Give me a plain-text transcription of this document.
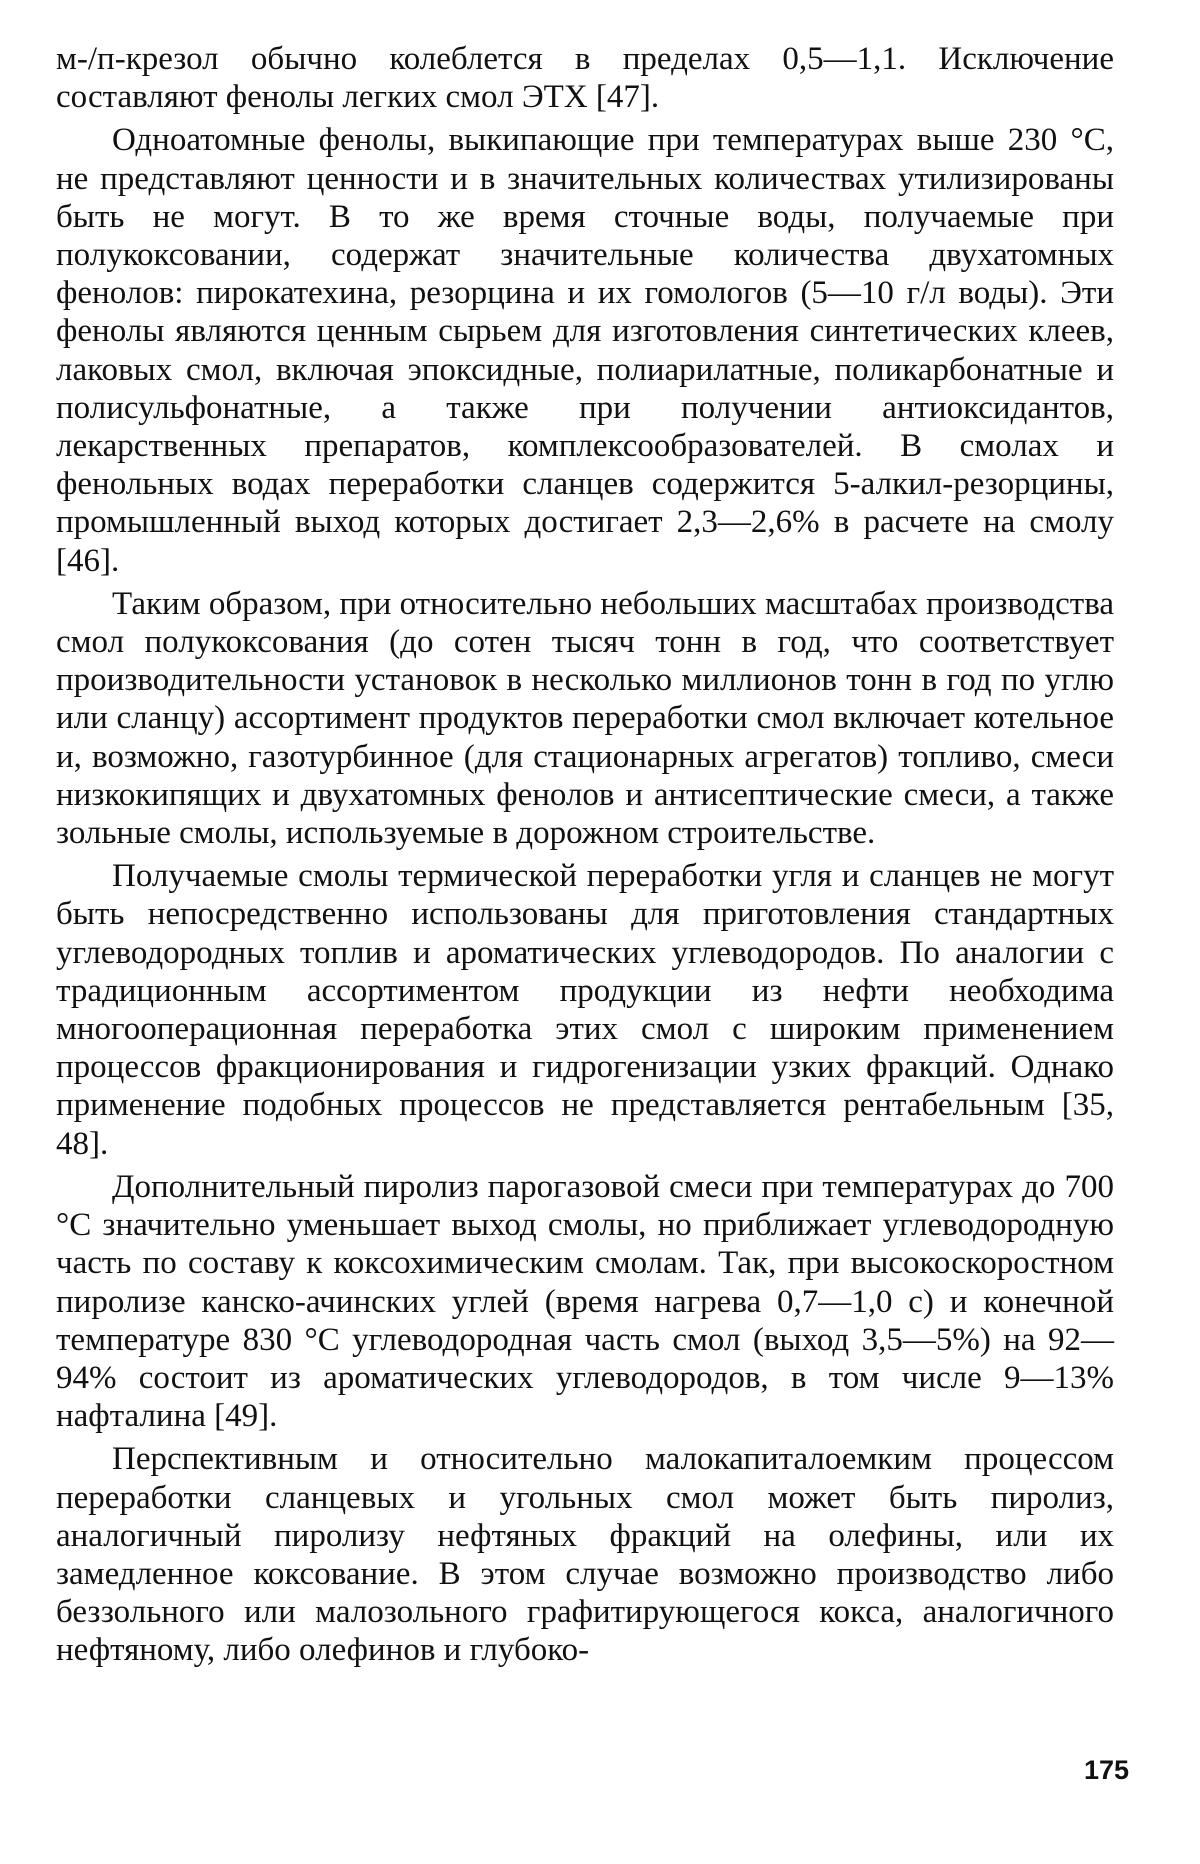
м-/п-крезол обычно колеблется в пределах 0,5—1,1. Исключение составляют фенолы легких смол ЭТХ [47].

Одноатомные фенолы, выкипающие при температурах выше 230 °С, не представляют ценности и в значительных количествах утилизированы быть не могут. В то же время сточные воды, получаемые при полукоксовании, содержат значительные количества двухатомных фенолов: пирокатехина, резорцина и их гомологов (5—10 г/л воды). Эти фенолы являются ценным сырьем для изготовления синтетических клеев, лаковых смол, включая эпоксидные, полиарилатные, поликарбонатные и полисульфонатные, а также при получении антиоксидантов, лекарственных препаратов, комплексообразователей. В смолах и фенольных водах переработки сланцев содержится 5-алкил-резорцины, промышленный выход которых достигает 2,3—2,6% в расчете на смолу [46].

Таким образом, при относительно небольших масштабах производства смол полукоксования (до сотен тысяч тонн в год, что соответствует производительности установок в несколько миллионов тонн в год по углю или сланцу) ассортимент продуктов переработки смол включает котельное и, возможно, газотурбинное (для стационарных агрегатов) топливо, смеси низкокипящих и двухатомных фенолов и антисептические смеси, а также зольные смолы, используемые в дорожном строительстве.

Получаемые смолы термической переработки угля и сланцев не могут быть непосредственно использованы для приготовления стандартных углеводородных топлив и ароматических углеводородов. По аналогии с традиционным ассортиментом продукции из нефти необходима многооперационная переработка этих смол с широким применением процессов фракционирования и гидрогенизации узких фракций. Однако применение подобных процессов не представляется рентабельным [35, 48].

Дополнительный пиролиз парогазовой смеси при температурах до 700 °С значительно уменьшает выход смолы, но приближает углеводородную часть по составу к коксохимическим смолам. Так, при высокоскоростном пиролизе канско-ачинских углей (время нагрева 0,7—1,0 с) и конечной температуре 830 °С углеводородная часть смол (выход 3,5—5%) на 92—94% состоит из ароматических углеводородов, в том числе 9—13% нафталина [49].

Перспективным и относительно малокапиталоемким процессом переработки сланцевых и угольных смол может быть пиролиз, аналогичный пиролизу нефтяных фракций на олефины, или их замедленное коксование. В этом случае возможно производство либо беззольного или малозольного графитирующегося кокса, аналогичного нефтяному, либо олефинов и глубоко-

175
